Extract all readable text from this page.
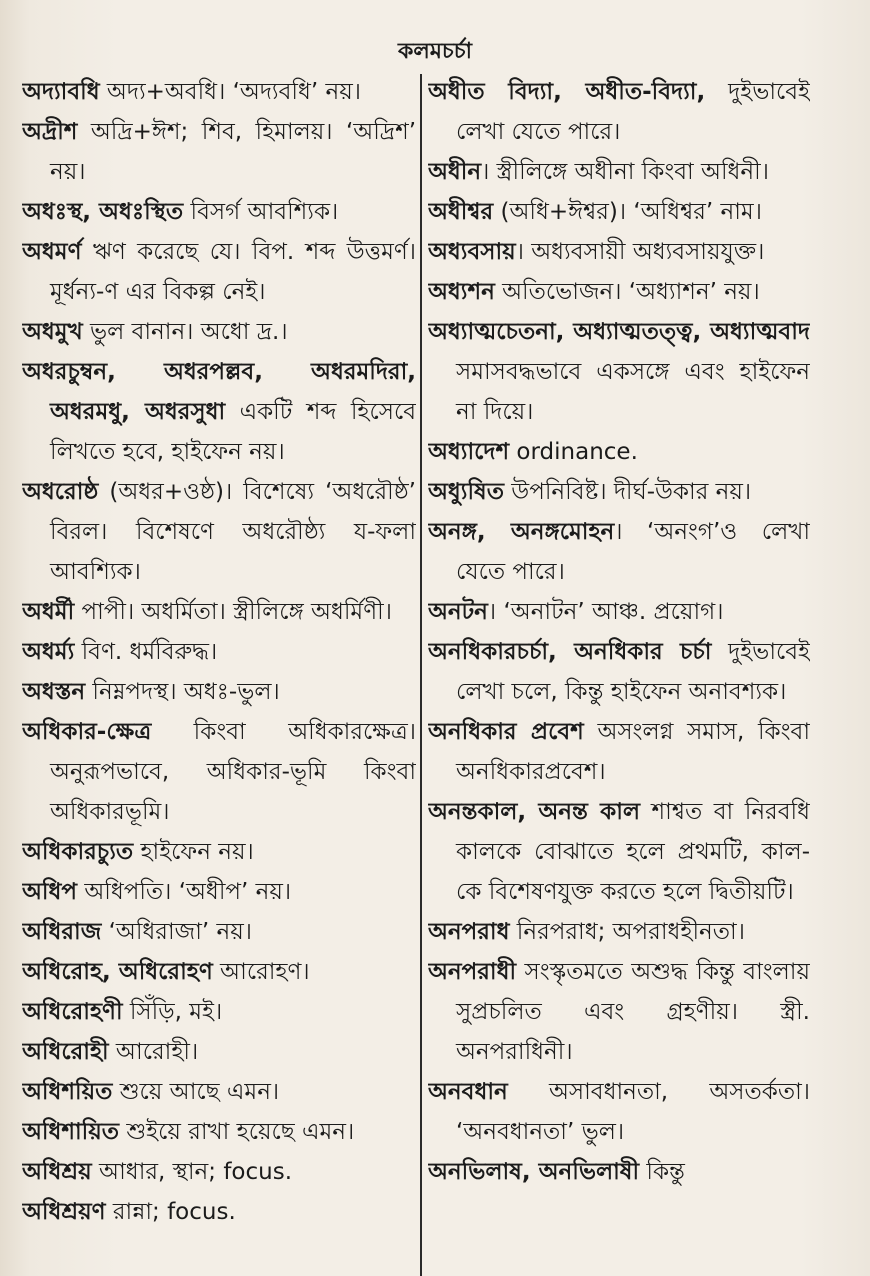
কলমচর্চা
অদ্যাবধি অদ্য+অবধি। ‘অদ্যবধি’ নয়।
অদ্রীশ অদ্রি+ঈশ; শিব, হিমালয়। ‘অদ্রিশ’ নয়।
অধঃস্থ, অধঃস্থিত বিসর্গ আবশ্যিক।
অধমর্ণ ঋণ করেছে যে। বিপ. শব্দ উত্তমর্ণ। মূর্ধন্য-ণ এর বিকল্প নেই।
অধমুখ ভুল বানান। অধো দ্র.।
অধরচুম্বন, অধরপল্লব, অধরমদিরা, অধরমধু, অধরসুধা একটি শব্দ হিসেবে লিখতে হবে, হাইফেন নয়।
অধরোষ্ঠ (অধর+ওষ্ঠ)। বিশেষ্যে ‘অধরৌষ্ঠ’ বিরল। বিশেষণে অধরৌষ্ঠ্য য-ফলা আবশ্যিক।
অধর্মী পাপী। অধর্মিতা। স্ত্রীলিঙ্গে অধর্মিণী।
অধর্ম্য বিণ. ধর্মবিরুদ্ধ।
অধস্তন নিম্নপদস্থ। অধঃ-ভুল।
অধিকার-ক্ষেত্র কিংবা অধিকারক্ষেত্র। অনুরূপভাবে, অধিকার-ভূমি কিংবা অধিকারভূমি।
অধিকারচ্যুত হাইফেন নয়।
অধিপ অধিপতি। ‘অধীপ’ নয়।
অধিরাজ ‘অধিরাজা’ নয়।
অধিরোহ, অধিরোহণ আরোহণ।
অধিরোহণী সিঁড়ি, মই।
অধিরোহী আরোহী।
অধিশয়িত শুয়ে আছে এমন।
অধিশায়িত শুইয়ে রাখা হয়েছে এমন।
অধিশ্রয় আধার, স্থান; focus.
অধিশ্রয়ণ রান্না; focus.
অধীত বিদ্যা, অধীত-বিদ্যা, দুইভাবেই লেখা যেতে পারে।
অধীন। স্ত্রীলিঙ্গে অধীনা কিংবা অধিনী।
অধীশ্বর (অধি+ঈশ্বর)। ‘অধিশ্বর’ নাম।
অধ্যবসায়। অধ্যবসায়ী অধ্যবসায়যুক্ত।
অধ্যশন অতিভোজন। ‘অধ্যাশন’ নয়।
অধ্যাত্মচেতনা, অধ্যাত্মতত্ত্ব, অধ্যাত্মবাদ সমাসবদ্ধভাবে একসঙ্গে এবং হাইফেন না দিয়ে।
অধ্যাদেশ ordinance.
অধ্যুষিত উপনিবিষ্ট। দীর্ঘ-উকার নয়।
অনঙ্গ, অনঙ্গমোহন। ‘অনংগ’ও লেখা যেতে পারে।
অনটন। ‘অনাটন’ আঞ্চ. প্রয়োগ।
অনধিকারচর্চা, অনধিকার চর্চা দুইভাবেই লেখা চলে, কিন্তু হাইফেন অনাবশ্যক।
অনধিকার প্রবেশ অসংলগ্ন সমাস, কিংবা অনধিকারপ্রবেশ।
অনন্তকাল, অনন্ত কাল শাশ্বত বা নিরবধি কালকে বোঝাতে হলে প্রথমটি, কাল-কে বিশেষণযুক্ত করতে হলে দ্বিতীয়টি।
অনপরাধ নিরপরাধ; অপরাধহীনতা।
অনপরাধী সংস্কৃতমতে অশুদ্ধ কিন্তু বাংলায় সুপ্রচলিত এবং গ্রহণীয়। স্ত্রী. অনপরাধিনী।
অনবধান অসাবধানতা, অসতর্কতা। ‘অনবধানতা’ ভুল।
অনভিলাষ, অনভিলাষী কিন্তু
